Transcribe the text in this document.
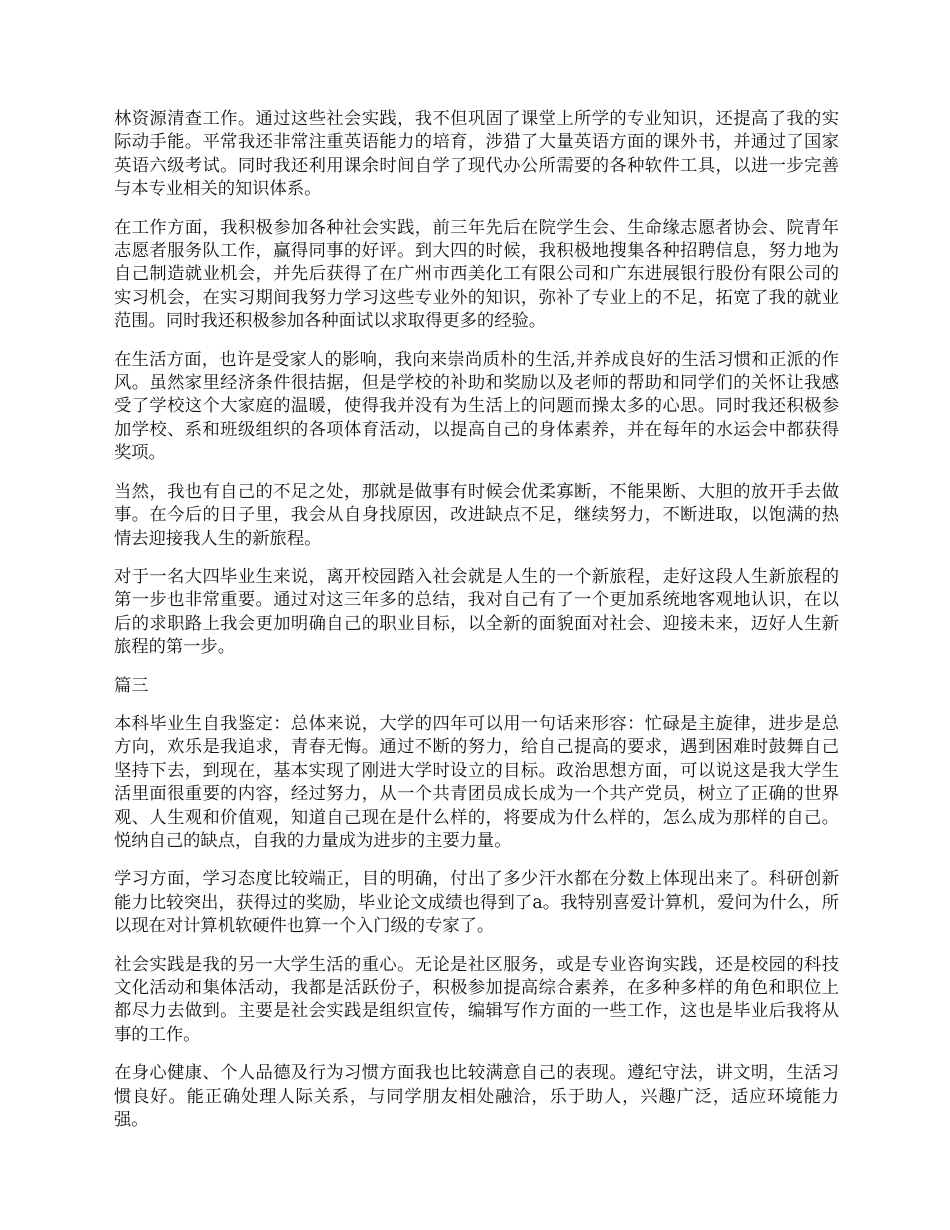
林资源清查工作。通过这些社会实践，我不但巩固了课堂上所学的专业知识，还提高了我的实际动手能。平常我还非常注重英语能力的培育，涉猎了大量英语方面的课外书，并通过了国家英语六级考试。同时我还利用课余时间自学了现代办公所需要的各种软件工具，以进一步完善与本专业相关的知识体系。

在工作方面，我积极参加各种社会实践，前三年先后在院学生会、生命缘志愿者协会、院青年志愿者服务队工作，赢得同事的好评。到大四的时候，我积极地搜集各种招聘信息，努力地为自己制造就业机会，并先后获得了在广州市西美化工有限公司和广东进展银行股份有限公司的实习机会，在实习期间我努力学习这些专业外的知识，弥补了专业上的不足，拓宽了我的就业范围。同时我还积极参加各种面试以求取得更多的经验。

在生活方面，也许是受家人的影响，我向来崇尚质朴的生活,并养成良好的生活习惯和正派的作风。虽然家里经济条件很拮据，但是学校的补助和奖励以及老师的帮助和同学们的关怀让我感受了学校这个大家庭的温暖，使得我并没有为生活上的问题而操太多的心思。同时我还积极参加学校、系和班级组织的各项体育活动，以提高自己的身体素养，并在每年的水运会中都获得奖项。

当然，我也有自己的不足之处，那就是做事有时候会优柔寡断，不能果断、大胆的放开手去做事。在今后的日子里，我会从自身找原因，改进缺点不足，继续努力，不断进取，以饱满的热情去迎接我人生的新旅程。

对于一名大四毕业生来说，离开校园踏入社会就是人生的一个新旅程，走好这段人生新旅程的第一步也非常重要。通过对这三年多的总结，我对自己有了一个更加系统地客观地认识，在以后的求职路上我会更加明确自己的职业目标，以全新的面貌面对社会、迎接未来，迈好人生新旅程的第一步。

篇三

本科毕业生自我鉴定：总体来说，大学的四年可以用一句话来形容：忙碌是主旋律，进步是总方向，欢乐是我追求，青春无悔。通过不断的努力，给自己提高的要求，遇到困难时鼓舞自己坚持下去，到现在，基本实现了刚进大学时设立的目标。政治思想方面，可以说这是我大学生活里面很重要的内容，经过努力，从一个共青团员成长成为一个共产党员，树立了正确的世界观、人生观和价值观，知道自己现在是什么样的，将要成为什么样的，怎么成为那样的自己。悦纳自己的缺点，自我的力量成为进步的主要力量。

学习方面，学习态度比较端正，目的明确，付出了多少汗水都在分数上体现出来了。科研创新能力比较突出，获得过的奖励，毕业论文成绩也得到了a。我特别喜爱计算机，爱问为什么，所以现在对计算机软硬件也算一个入门级的专家了。

社会实践是我的另一大学生活的重心。无论是社区服务，或是专业咨询实践，还是校园的科技文化活动和集体活动，我都是活跃份子，积极参加提高综合素养，在多种多样的角色和职位上都尽力去做到。主要是社会实践是组织宣传，编辑写作方面的一些工作，这也是毕业后我将从事的工作。

在身心健康、个人品德及行为习惯方面我也比较满意自己的表现。遵纪守法，讲文明，生活习惯良好。能正确处理人际关系，与同学朋友相处融洽，乐于助人，兴趣广泛，适应环境能力强。
